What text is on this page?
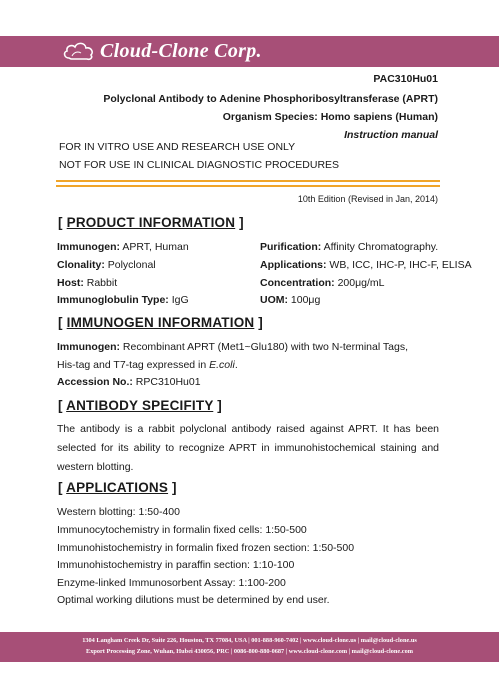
Cloud-Clone Corp.
PAC310Hu01
Polyclonal Antibody to Adenine Phosphoribosyltransferase (APRT)
Organism Species: Homo sapiens (Human)
Instruction manual
FOR IN VITRO USE AND RESEARCH USE ONLY
NOT FOR USE IN CLINICAL DIAGNOSTIC PROCEDURES
10th Edition (Revised in Jan, 2014)
[ PRODUCT INFORMATION ]
Immunogen: APRT, Human
Clonality: Polyclonal
Host: Rabbit
Immunoglobulin Type: IgG
Purification: Affinity Chromatography.
Applications: WB, ICC, IHC-P, IHC-F, ELISA
Concentration: 200μg/mL
UOM: 100μg
[ IMMUNOGEN INFORMATION ]
Immunogen: Recombinant APRT (Met1~Glu180) with two N-terminal Tags,
His-tag and T7-tag expressed in E.coli.
Accession No.: RPC310Hu01
[ ANTIBODY SPECIFITY ]
The antibody is a rabbit polyclonal antibody raised against APRT. It has been selected for its ability to recognize APRT in immunohistochemical staining and western blotting.
[ APPLICATIONS ]
Western blotting: 1:50-400
Immunocytochemistry in formalin fixed cells: 1:50-500
Immunohistochemistry in formalin fixed frozen section: 1:50-500
Immunohistochemistry in paraffin section: 1:10-100
Enzyme-linked Immunosorbent Assay: 1:100-200
Optimal working dilutions must be determined by end user.
1304 Langham Creek Dr, Suite 226, Houston, TX 77084, USA | 001-888-960-7402 | www.cloud-clone.us | mail@cloud-clone.us
Export Processing Zone, Wuhan, Hubei 430056, PRC | 0086-800-880-0687 | www.cloud-clone.com | mail@cloud-clone.com
